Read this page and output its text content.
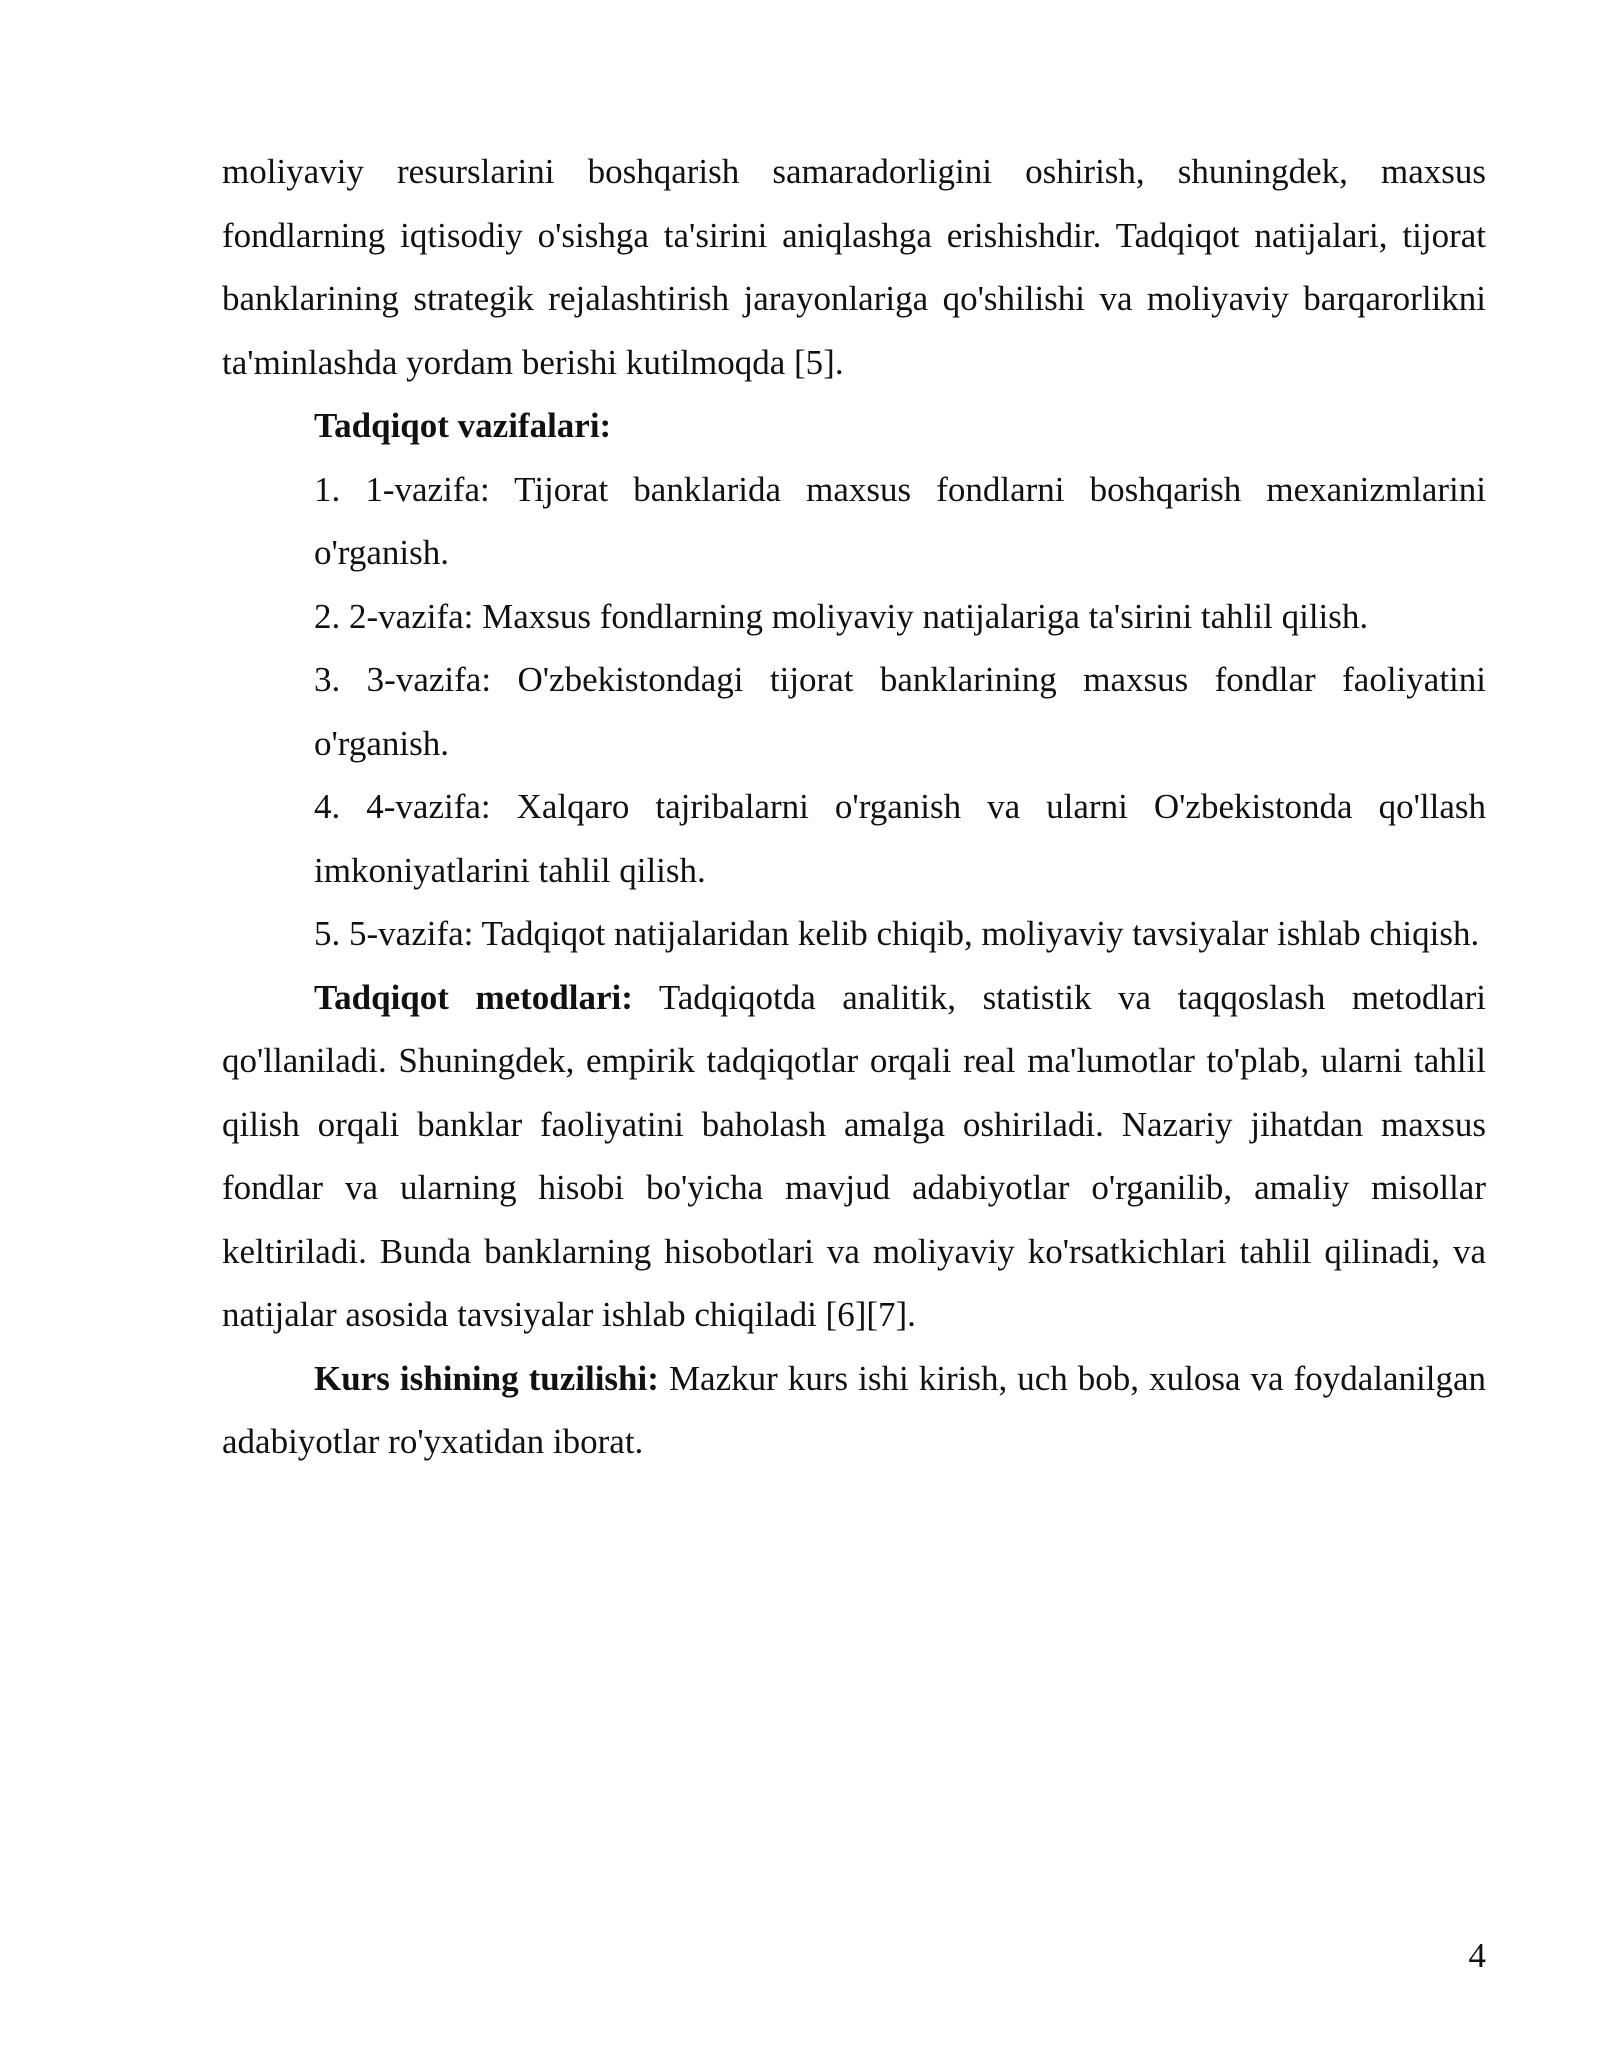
moliyaviy resurslarini boshqarish samaradorligini oshirish, shuningdek, maxsus fondlarning iqtisodiy o'sishga ta'sirini aniqlashga erishishdir. Tadqiqot natijalari, tijorat banklarining strategik rejalashtirish jarayonlariga qo'shilishi va moliyaviy barqarorlikni ta'minlashda yordam berishi kutilmoqda [5].

Tadqiqot vazifalari:

1. 1-vazifa: Tijorat banklarida maxsus fondlarni boshqarish mexanizmlarini o'rganish.

2. 2-vazifa: Maxsus fondlarning moliyaviy natijalariga ta'sirini tahlil qilish.

3. 3-vazifa: O'zbekistondagi tijorat banklarining maxsus fondlar faoliyatini o'rganish.

4. 4-vazifa: Xalqaro tajribalarni o'rganish va ularni O'zbekistonda qo'llash imkoniyatlarini tahlil qilish.

5. 5-vazifa: Tadqiqot natijalaridan kelib chiqib, moliyaviy tavsiyalar ishlab chiqish.

Tadqiqot metodlari: Tadqiqotda analitik, statistik va taqqoslash metodlari qo'llaniladi. Shuningdek, empirik tadqiqotlar orqali real ma'lumotlar to'plab, ularni tahlil qilish orqali banklar faoliyatini baholash amalga oshiriladi. Nazariy jihatdan maxsus fondlar va ularning hisobi bo'yicha mavjud adabiyotlar o'rganilib, amaliy misollar keltiriladi. Bunda banklarning hisobotlari va moliyaviy ko'rsatkichlari tahlil qilinadi, va natijalar asosida tavsiyalar ishlab chiqiladi [6][7].

Kurs ishining tuzilishi: Mazkur kurs ishi kirish, uch bob, xulosa va foydalanilgan adabiyotlar ro'yxatidan iborat.

4
